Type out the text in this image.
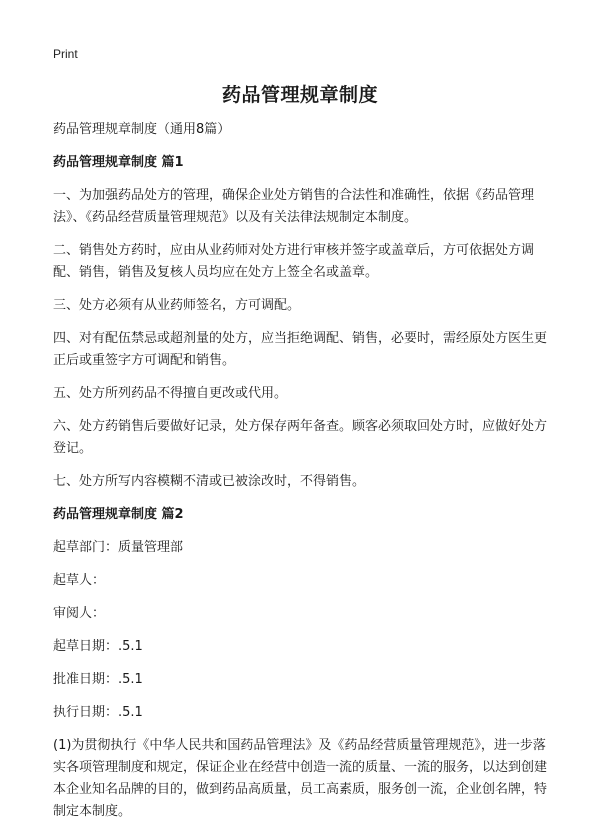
Print
药品管理规章制度

药品管理规章制度（通用8篇）

药品管理规章制度 篇1

一、为加强药品处方的管理，确保企业处方销售的合法性和准确性，依据《药品管理法》、《药品经营质量管理规范》以及有关法律法规制定本制度。

二、销售处方药时，应由从业药师对处方进行审核并签字或盖章后，方可依据处方调配、销售，销售及复核人员均应在处方上签全名或盖章。

三、处方必须有从业药师签名，方可调配。

四、对有配伍禁忌或超剂量的处方，应当拒绝调配、销售，必要时，需经原处方医生更正后或重签字方可调配和销售。

五、处方所列药品不得擅自更改或代用。

六、处方药销售后要做好记录，处方保存两年备查。顾客必须取回处方时，应做好处方登记。

七、处方所写内容模糊不清或已被涂改时，不得销售。

药品管理规章制度 篇2

起草部门：质量管理部

起草人：

审阅人：

起草日期：.5.1

批准日期：.5.1

执行日期：.5.1

(1)为贯彻执行《中华人民共和国药品管理法》及《药品经营质量管理规范》，进一步落实各项管理制度和规定，保证企业在经营中创造一流的质量、一流的服务，以达到创建本企业知名品牌的目的，做到药品高质量，员工高素质，服务创一流，企业创名牌，特制定本制度。
